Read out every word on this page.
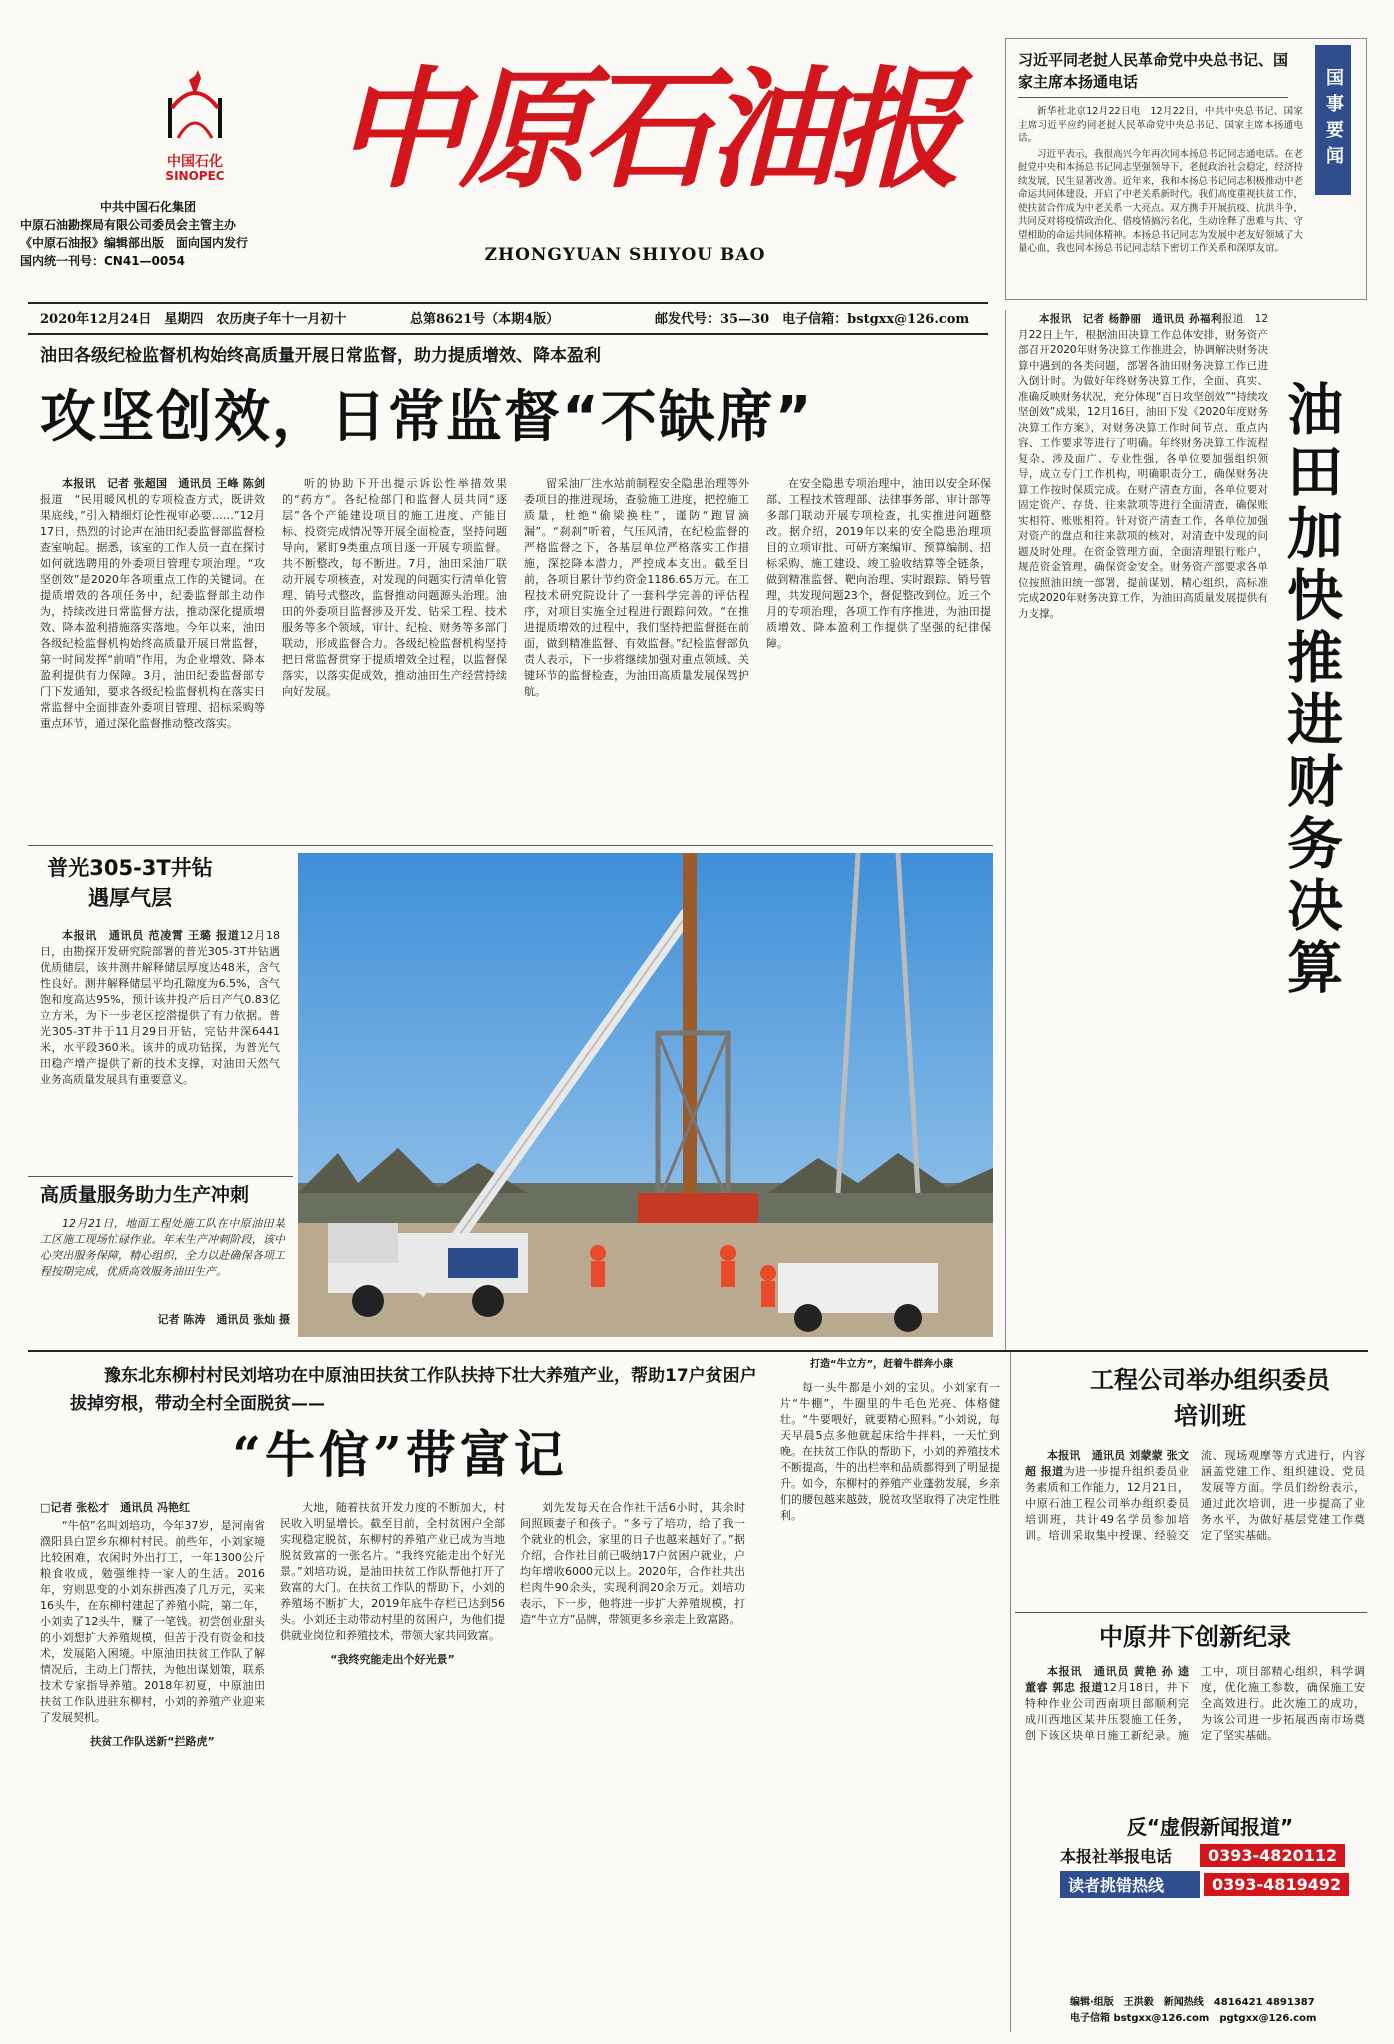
中国石化
SINOPEC
中共中国石化集团
中原石油勘探局有限公司委员会主管主办
《中原石油报》编辑部出版　面向国内发行
国内统一刊号：CN41—0054
中原石油报
ZHONGYUAN SHIYOU BAO
2020年12月24日　星期四　农历庚子年十一月初十	总第8621号（本期4版）	邮发代号：35—30　电子信箱：bstgxx@126.com
习近平同老挝人民革命党中央总书记、国家主席本扬通电话

新华社北京12月22日电　12月22日，中共中央总书记、国家主席习近平应约同老挝人民革命党中央总书记、国家主席本扬通电话。

习近平表示，我很高兴今年再次同本扬总书记同志通电话。在老挝党中央和本扬总书记同志坚强领导下，老挝政治社会稳定，经济持续发展，民生显著改善。近年来，我和本扬总书记同志积极推动中老命运共同体建设，开启了中老关系新时代。我们高度重视扶贫工作，使扶贫合作成为中老关系一大亮点。双方携手开展抗疫、抗洪斗争，共同反对将疫情政治化、借疫情搞污名化，生动诠释了患难与共、守望相助的命运共同体精神。本扬总书记同志为发展中老友好领域了大量心血，我也同本扬总书记同志结下密切工作关系和深厚友谊。

国事要闻
油田各级纪检监督机构始终高质量开展日常监督，助力提质增效、降本盈利
攻坚创效，日常监督“不缺席”

本报讯　记者 张超国　通讯员 王峰 陈剑报道　“民用暖风机的专项检查方式，既讲效果底线，”引入精细灯论性视审必要……”12月17日，热烈的讨论声在油田纪委监督部监督检查室响起。据悉，该室的工作人员一直在探讨如何就选聘用的外委项目管理专项治理。“攻坚创效”是2020年各项重点工作的关键词。在提质增效的各项任务中，纪委监督部主动作为，持续改进日常监督方法，推动深化提质增效、降本盈利措施落实落地。今年以来，油田各级纪检监督机构始终高质量开展日常监督，第一时间发挥“前哨”作用，为企业增效、降本盈利提供有力保障。3月，油田纪委监督部专门下发通知，要求各级纪检监督机构在落实日常监督中全面排查外委项目管理、招标采购等重点环节，通过深化监督推动整改落实。

听的协助下开出提示诉讼性举措效果的“药方”。各纪检部门和监督人员共同“逐层”各个产能建设项目的施工进度、产能目标、投资完成情况等开展全面检查，坚持问题导向，紧盯9类重点项目逐一开展专项监督。共不断整改，每不断进。7月，油田采油厂联动开展专项核查，对发现的问题实行清单化管理、销号式整改，监督推动问题源头治理。油田的外委项目监督涉及开发、钻采工程、技术服务等多个领域，审计、纪检、财务等多部门联动，形成监督合力。各级纪检监督机构坚持把日常监督贯穿于提质增效全过程，以监督保落实，以落实促成效，推动油田生产经营持续向好发展。

留采油厂注水站前制程安全隐患治理等外委项目的推进现场，查验施工进度，把控施工质量，杜绝“偷梁换柱”，谨防“跑冒滴漏”。“刹刹”听着，气压风清，在纪检监督的严格监督之下，各基层单位严格落实工作措施，深挖降本潜力，严控成本支出。截至目前，各项目累计节约资金1186.65万元。在工程技术研究院设计了一套科学完善的评估程序，对项目实施全过程进行跟踪问效。“在推进提质增效的过程中，我们坚持把监督挺在前面，做到精准监督、有效监督。”纪检监督部负责人表示，下一步将继续加强对重点领域、关键环节的监督检查，为油田高质量发展保驾护航。

在安全隐患专项治理中，油田以安全环保部、工程技术管理部、法律事务部、审计部等多部门联动开展专项检查，扎实推进问题整改。据介绍，2019年以来的安全隐患治理项目的立项审批、可研方案编审、预算编制、招标采购、施工建设、竣工验收结算等全链条，做到精准监督、靶向治理、实时跟踪、销号管理，共发现问题23个，督促整改到位。近三个月的专项治理，各项工作有序推进，为油田提质增效、降本盈利工作提供了坚强的纪律保障。

本报讯　记者 杨静丽　通讯员 孙福利报道　12月22日上午，根据油田决算工作总体安排，财务资产部召开2020年财务决算工作推进会，协调解决财务决算中遇到的各类问题，部署各油田财务决算工作已进入倒计时。为做好年终财务决算工作，全面、真实、准确反映财务状况，充分体现“百日攻坚创效”“持续攻坚创效”成果，12月16日，油田下发《2020年度财务决算工作方案》，对财务决算工作时间节点、重点内容、工作要求等进行了明确。年终财务决算工作流程复杂、涉及面广、专业性强，各单位要加强组织领导，成立专门工作机构，明确职责分工，确保财务决算工作按时保质完成。在财产清查方面，各单位要对固定资产、存货、往来款项等进行全面清查，确保账实相符、账账相符。针对资产清查工作，各单位加强对资产的盘点和往来款项的核对，对清查中发现的问题及时处理。在资金管理方面，全面清理银行账户，规范资金管理，确保资金安全。财务资产部要求各单位按照油田统一部署，提前谋划，精心组织，高标准完成2020年财务决算工作，为油田高质量发展提供有力支撑。	油田加快推进财务决算
普光305-3T井钻遇厚气层

本报讯　通讯员 范凌霄 王璐 报道12月18日，由勘探开发研究院部署的普光305-3T井钻遇优质储层，该井测井解释储层厚度达48米，含气性良好。测井解释储层平均孔隙度为6.5%，含气饱和度高达95%，预计该井投产后日产气0.83亿立方米，为下一步老区挖潜提供了有力依据。普光305-3T井于11月29日开钻，完钻井深6441米，水平段360米。该井的成功钻探，为普光气田稳产增产提供了新的技术支撑，对油田天然气业务高质量发展具有重要意义。

高质量服务助力生产冲刺

12月21日，地面工程处施工队在中原油田某工区施工现场忙碌作业。年末生产冲刺阶段，该中心突出服务保障，精心组织，全力以赴确保各项工程按期完成，优质高效服务油田生产。

记者 陈涛　通讯员 张灿 摄
豫东北东柳村村民刘培功在中原油田扶贫工作队扶持下壮大养殖产业，帮助17户贫困户拔掉穷根，带动全村全面脱贫——
“牛倌”带富记
□记者 张松才　通讯员 冯艳红

“牛倌”名叫刘培功，今年37岁，是河南省濮阳县白罡乡东柳村村民。前些年，小刘家境比较困难，农闲时外出打工，一年1300公斤粮食收成，勉强维持一家人的生活。2016年，穷则思变的小刘东拼西凑了几万元，买来16头牛，在东柳村建起了养殖小院，第二年，小刘卖了12头牛，赚了一笔钱。初尝创业甜头的小刘想扩大养殖规模，但苦于没有资金和技术，发展陷入困境。中原油田扶贫工作队了解情况后，主动上门帮扶，为他出谋划策，联系技术专家指导养殖。2018年初夏，中原油田扶贫工作队进驻东柳村，小刘的养殖产业迎来了发展契机。

扶贫工作队送新“拦路虎”

大地，随着扶贫开发力度的不断加大，村民收入明显增长。截至目前，全村贫困户全部实现稳定脱贫，东柳村的养殖产业已成为当地脱贫致富的一张名片。“我终究能走出个好光景。”刘培功说，是油田扶贫工作队帮他打开了致富的大门。在扶贫工作队的帮助下，小刘的养殖场不断扩大，2019年底牛存栏已达到56头。小刘还主动带动村里的贫困户，为他们提供就业岗位和养殖技术，带领大家共同致富。

“我终究能走出个好光景”

刘先发每天在合作社干活6小时，其余时间照顾妻子和孩子。“多亏了培功，给了我一个就业的机会，家里的日子也越来越好了。”据介绍，合作社目前已吸纳17户贫困户就业，户均年增收6000元以上。2020年，合作社共出栏肉牛90余头，实现利润20余万元。刘培功表示，下一步，他将进一步扩大养殖规模，打造“牛立方”品牌，带领更多乡亲走上致富路。

打造“牛立方”，赶着牛群奔小康

每一头牛都是小刘的宝贝。小刘家有一片“牛棚”，牛圈里的牛毛色光亮、体格健壮。“牛要喂好，就要精心照料。”小刘说，每天早晨5点多他就起床给牛拌料，一天忙到晚。在扶贫工作队的帮助下，小刘的养殖技术不断提高，牛的出栏率和品质都得到了明显提升。如今，东柳村的养殖产业蓬勃发展，乡亲们的腰包越来越鼓，脱贫攻坚取得了决定性胜利。

工程公司举办组织委员培训班

本报讯　通讯员 刘蒙蒙 张文超 报道为进一步提升组织委员业务素质和工作能力，12月21日，中原石油工程公司举办组织委员培训班，共计49名学员参加培训。培训采取集中授课、经验交流、现场观摩等方式进行，内容涵盖党建工作、组织建设、党员发展等方面。学员们纷纷表示，通过此次培训，进一步提高了业务水平，为做好基层党建工作奠定了坚实基础。

中原井下创新纪录

本报讯　通讯员 黄艳 孙 逵 董睿 郭忠 报道12月18日，井下特种作业公司西南项目部顺利完成川西地区某井压裂施工任务，创下该区块单日施工新纪录。施工中，项目部精心组织，科学调度，优化施工参数，确保施工安全高效进行。此次施工的成功，为该公司进一步拓展西南市场奠定了坚实基础。

反“虚假新闻报道”
本报社举报电话	0393-4820112
读者挑错热线	0393-4819492
编辑·组版　王洪毅　新闻热线　4816421 4891387
电子信箱 bstgxx@126.com　pgtgxx@126.com
